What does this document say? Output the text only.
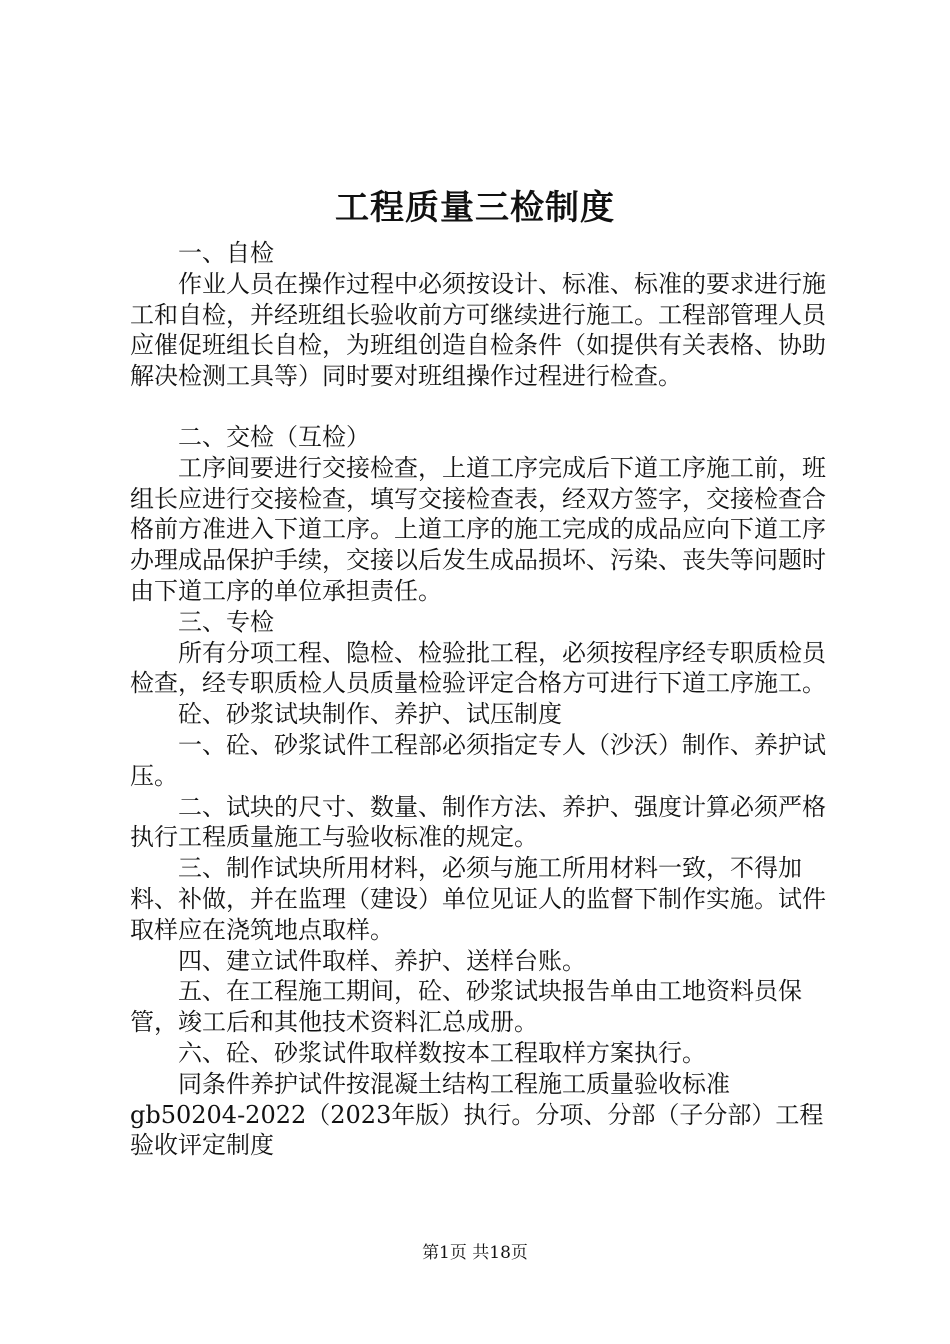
工程质量三检制度

一、自检

作业人员在操作过程中必须按设计、标准、标准的要求进行施工和自检，并经班组长验收前方可继续进行施工。工程部管理人员应催促班组长自检，为班组创造自检条件（如提供有关表格、协助解决检测工具等）同时要对班组操作过程进行检查。

二、交检（互检）

工序间要进行交接检查，上道工序完成后下道工序施工前，班组长应进行交接检查，填写交接检查表，经双方签字，交接检查合格前方准进入下道工序。上道工序的施工完成的成品应向下道工序办理成品保护手续，交接以后发生成品损坏、污染、丧失等问题时由下道工序的单位承担责任。

三、专检

所有分项工程、隐检、检验批工程，必须按程序经专职质检员检查，经专职质检人员质量检验评定合格方可进行下道工序施工。

砼、砂浆试块制作、养护、试压制度

一、砼、砂浆试件工程部必须指定专人（沙沃）制作、养护试压。

二、试块的尺寸、数量、制作方法、养护、强度计算必须严格执行工程质量施工与验收标准的规定。

三、制作试块所用材料，必须与施工所用材料一致，不得加料、补做，并在监理（建设）单位见证人的监督下制作实施。试件取样应在浇筑地点取样。

四、建立试件取样、养护、送样台账。

五、在工程施工期间，砼、砂浆试块报告单由工地资料员保管，竣工后和其他技术资料汇总成册。

六、砼、砂浆试件取样数按本工程取样方案执行。

同条件养护试件按混凝土结构工程施工质量验收标准gb50204-2022（2023年版）执行。分项、分部（子分部）工程验收评定制度

第1页 共18页
